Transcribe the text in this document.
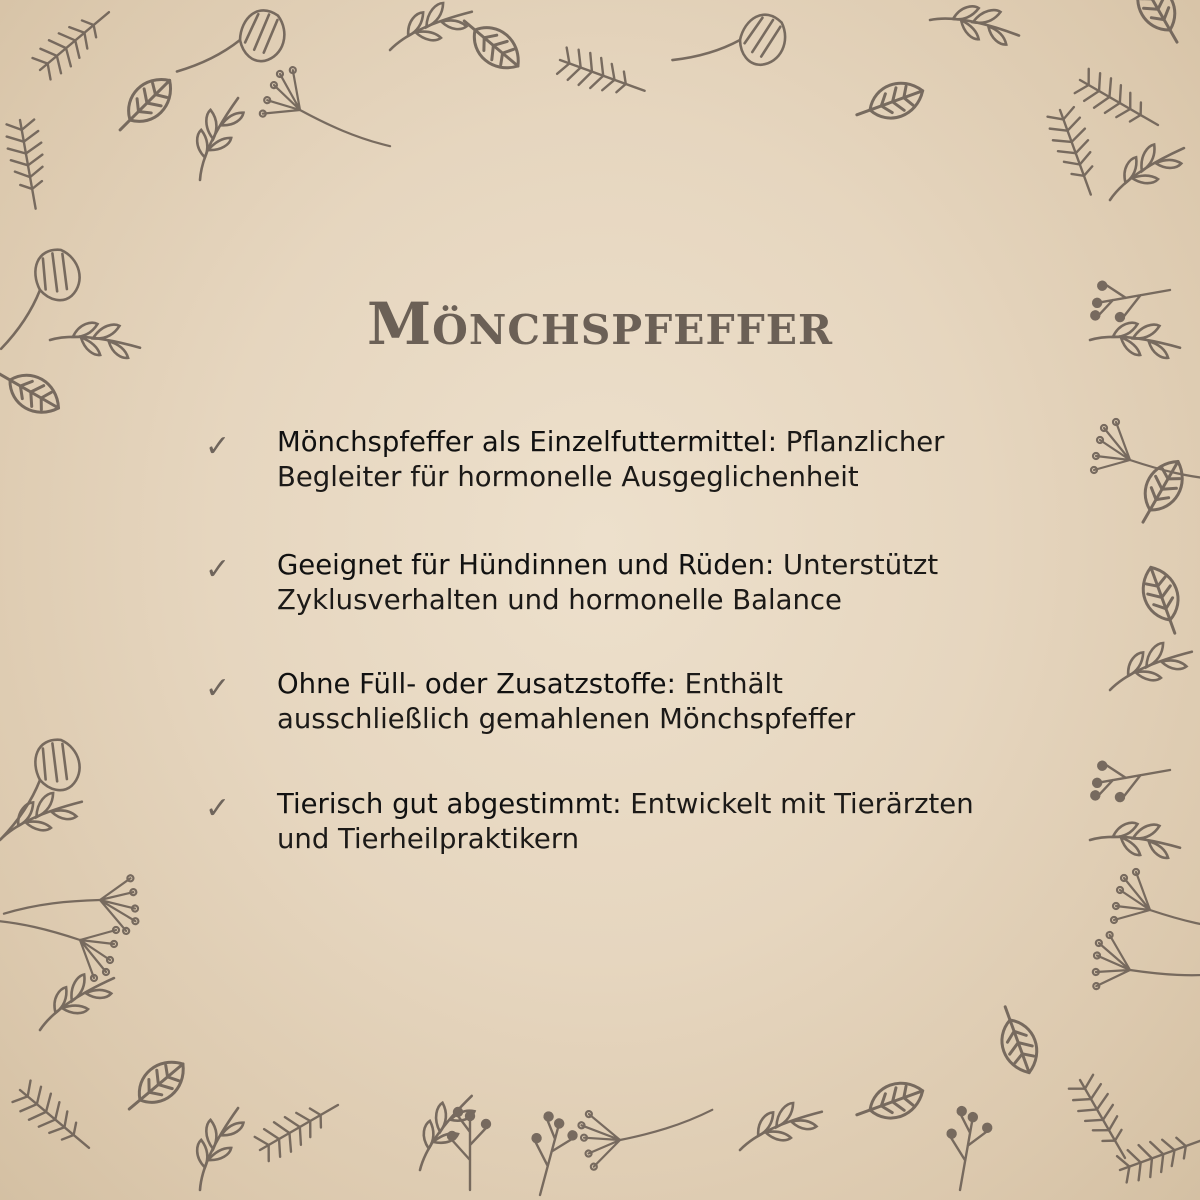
Mönchspfeffer
✓ Mönchspfeffer als Einzelfuttermittel: Pflanzlicher Begleiter für hormonelle Ausgeglichenheit
✓ Geeignet für Hündinnen und Rüden: Unterstützt Zyklusverhalten und hormonelle Balance
✓ Ohne Füll- oder Zusatzstoffe: Enthält ausschließlich gemahlenen Mönchspfeffer
✓ Tierisch gut abgestimmt: Entwickelt mit Tierärzten und Tierheilpraktikern
